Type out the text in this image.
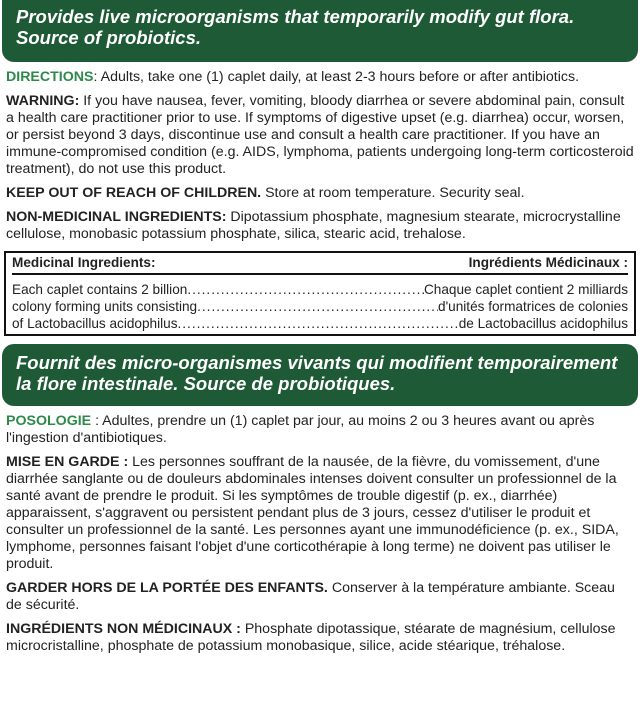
Provides live microorganisms that temporarily modify gut flora. Source of probiotics.

DIRECTIONS: Adults, take one (1) caplet daily, at least 2-3 hours before or after antibiotics.

WARNING: If you have nausea, fever, vomiting, bloody diarrhea or severe abdominal pain, consult a health care practitioner prior to use. If symptoms of digestive upset (e.g. diarrhea) occur, worsen, or persist beyond 3 days, discontinue use and consult a health care practitioner. If you have an immune-compromised condition (e.g. AIDS, lymphoma, patients undergoing long-term corticosteroid treatment), do not use this product.

KEEP OUT OF REACH OF CHILDREN. Store at room temperature. Security seal.

NON-MEDICINAL INGREDIENTS: Dipotassium phosphate, magnesium stearate, microcrystalline cellulose, monobasic potassium phosphate, silica, stearic acid, trehalose.

Medicinal Ingredients:	Ingrédients Médicinaux :
Each caplet contains 2 billion .....	Chaque caplet contient 2 milliards
colony forming units consisting .....	d'unités formatrices de colonies
of Lactobacillus acidophilus .....	de Lactobacillus acidophilus
Fournit des micro-organismes vivants qui modifient temporairement la flore intestinale. Source de probiotiques.

POSOLOGIE : Adultes, prendre un (1) caplet par jour, au moins 2 ou 3 heures avant ou après l'ingestion d'antibiotiques.

MISE EN GARDE : Les personnes souffrant de la nausée, de la fièvre, du vomissement, d'une diarrhée sanglante ou de douleurs abdominales intenses doivent consulter un professionnel de la santé avant de prendre le produit. Si les symptômes de trouble digestif (p. ex., diarrhée) apparaissent, s'aggravent ou persistent pendant plus de 3 jours, cessez d'utiliser le produit et consulter un professionnel de la santé. Les personnes ayant une immunodéficience (p. ex., SIDA, lymphome, personnes faisant l'objet d'une corticothérapie à long terme) ne doivent pas utiliser le produit.

GARDER HORS DE LA PORTÉE DES ENFANTS. Conserver à la température ambiante. Sceau de sécurité.

INGRÉDIENTS NON MÉDICINAUX : Phosphate dipotassique, stéarate de magnésium, cellulose microcristalline, phosphate de potassium monobasique, silice, acide stéarique, tréhalose.
